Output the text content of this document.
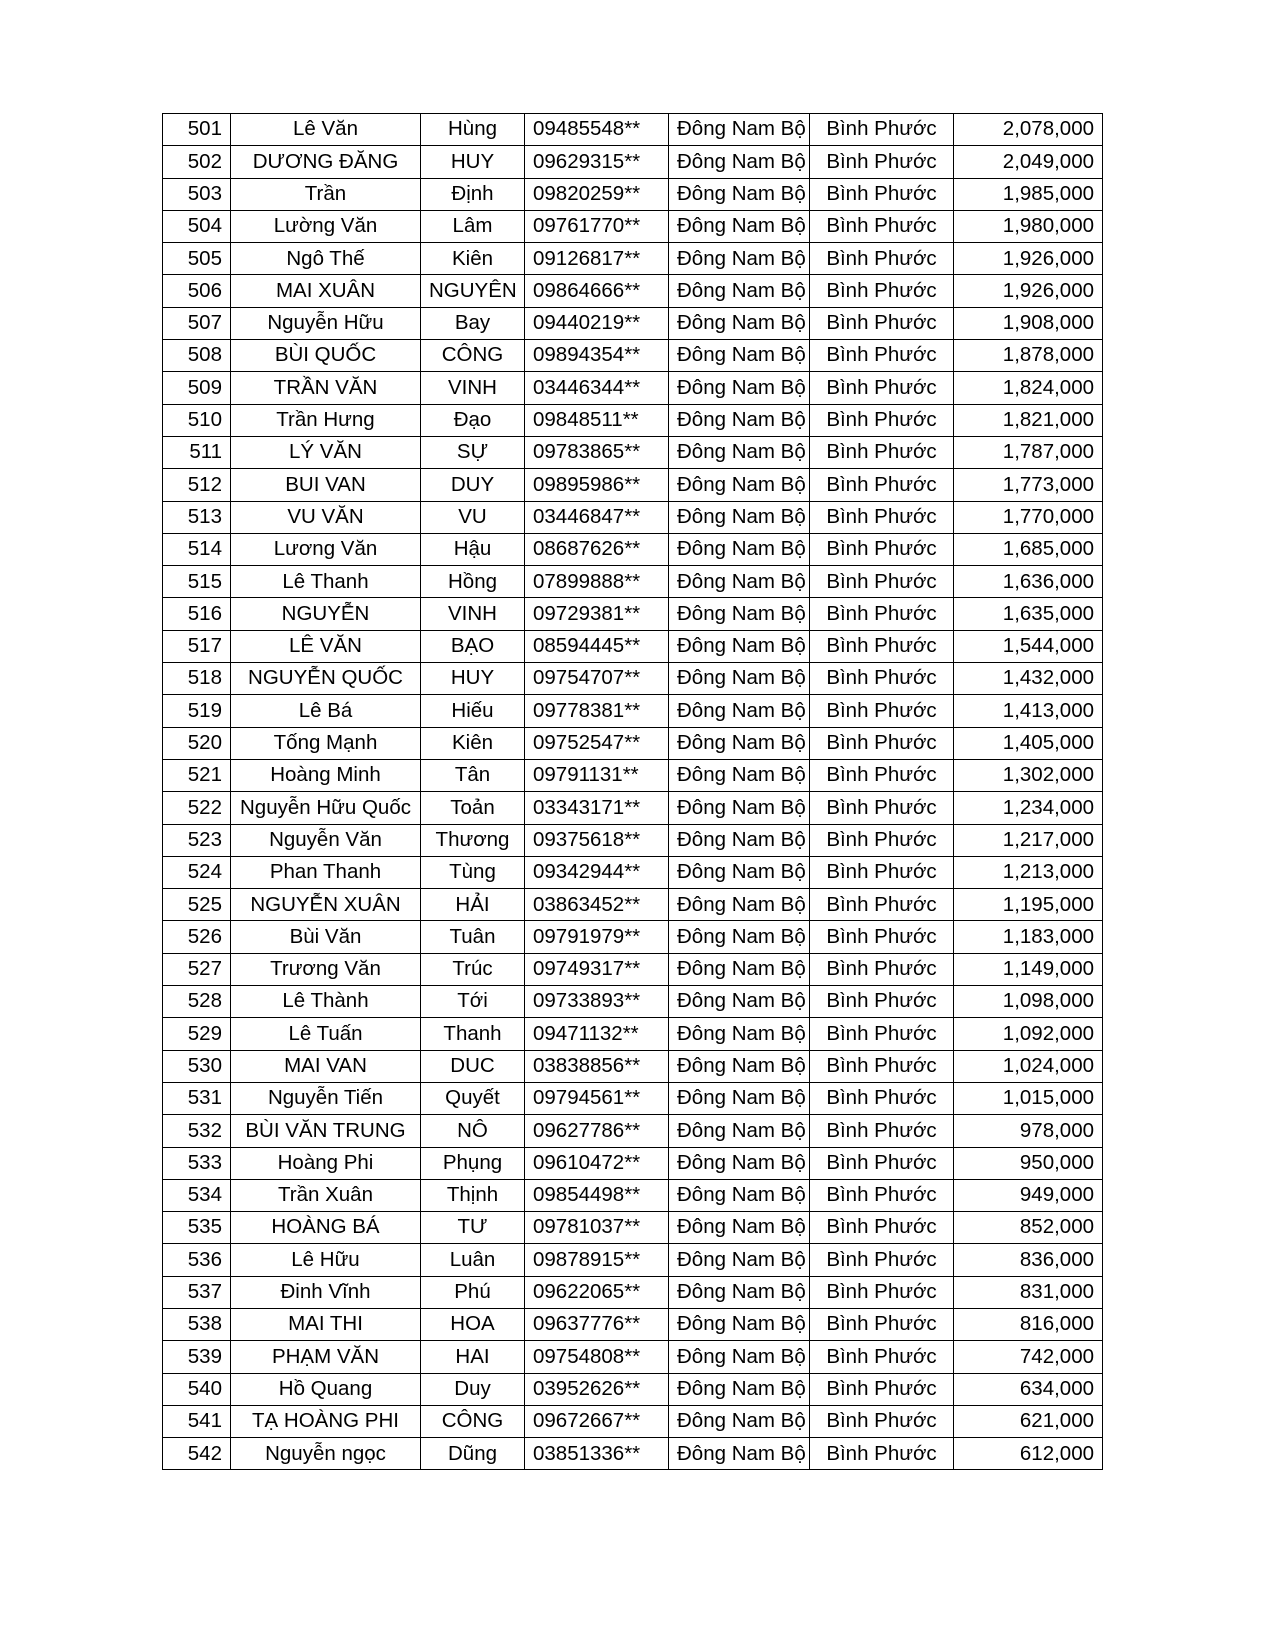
501	Lê Văn	Hùng	09485548**	Đông Nam Bộ	Bình Phước	2,078,000
502	DƯƠNG ĐĂNG	HUY	09629315**	Đông Nam Bộ	Bình Phước	2,049,000
503	Trần	Định	09820259**	Đông Nam Bộ	Bình Phước	1,985,000
504	Lường Văn	Lâm	09761770**	Đông Nam Bộ	Bình Phước	1,980,000
505	Ngô Thế	Kiên	09126817**	Đông Nam Bộ	Bình Phước	1,926,000
506	MAI XUÂN	NGUYÊN	09864666**	Đông Nam Bộ	Bình Phước	1,926,000
507	Nguyễn Hữu	Bay	09440219**	Đông Nam Bộ	Bình Phước	1,908,000
508	BÙI QUỐC	CÔNG	09894354**	Đông Nam Bộ	Bình Phước	1,878,000
509	TRẦN VĂN	VINH	03446344**	Đông Nam Bộ	Bình Phước	1,824,000
510	Trần Hưng	Đạo	09848511**	Đông Nam Bộ	Bình Phước	1,821,000
511	LÝ VĂN	SỰ	09783865**	Đông Nam Bộ	Bình Phước	1,787,000
512	BUI VAN	DUY	09895986**	Đông Nam Bộ	Bình Phước	1,773,000
513	VU VĂN	VU	03446847**	Đông Nam Bộ	Bình Phước	1,770,000
514	Lương Văn	Hậu	08687626**	Đông Nam Bộ	Bình Phước	1,685,000
515	Lê Thanh	Hồng	07899888**	Đông Nam Bộ	Bình Phước	1,636,000
516	NGUYỄN	VINH	09729381**	Đông Nam Bộ	Bình Phước	1,635,000
517	LÊ VĂN	BẠO	08594445**	Đông Nam Bộ	Bình Phước	1,544,000
518	NGUYỄN QUỐC	HUY	09754707**	Đông Nam Bộ	Bình Phước	1,432,000
519	Lê Bá	Hiếu	09778381**	Đông Nam Bộ	Bình Phước	1,413,000
520	Tống Mạnh	Kiên	09752547**	Đông Nam Bộ	Bình Phước	1,405,000
521	Hoàng Minh	Tân	09791131**	Đông Nam Bộ	Bình Phước	1,302,000
522	Nguyễn Hữu Quốc	Toản	03343171**	Đông Nam Bộ	Bình Phước	1,234,000
523	Nguyễn Văn	Thương	09375618**	Đông Nam Bộ	Bình Phước	1,217,000
524	Phan Thanh	Tùng	09342944**	Đông Nam Bộ	Bình Phước	1,213,000
525	NGUYỄN XUÂN	HẢI	03863452**	Đông Nam Bộ	Bình Phước	1,195,000
526	Bùi Văn	Tuân	09791979**	Đông Nam Bộ	Bình Phước	1,183,000
527	Trương Văn	Trúc	09749317**	Đông Nam Bộ	Bình Phước	1,149,000
528	Lê Thành	Tới	09733893**	Đông Nam Bộ	Bình Phước	1,098,000
529	Lê Tuấn	Thanh	09471132**	Đông Nam Bộ	Bình Phước	1,092,000
530	MAI VAN	DUC	03838856**	Đông Nam Bộ	Bình Phước	1,024,000
531	Nguyễn Tiến	Quyết	09794561**	Đông Nam Bộ	Bình Phước	1,015,000
532	BÙI VĂN TRUNG	NÔ	09627786**	Đông Nam Bộ	Bình Phước	978,000
533	Hoàng Phi	Phụng	09610472**	Đông Nam Bộ	Bình Phước	950,000
534	Trần Xuân	Thịnh	09854498**	Đông Nam Bộ	Bình Phước	949,000
535	HOÀNG BÁ	TƯ	09781037**	Đông Nam Bộ	Bình Phước	852,000
536	Lê Hữu	Luân	09878915**	Đông Nam Bộ	Bình Phước	836,000
537	Đinh Vĩnh	Phú	09622065**	Đông Nam Bộ	Bình Phước	831,000
538	MAI THI	HOA	09637776**	Đông Nam Bộ	Bình Phước	816,000
539	PHẠM VĂN	HAI	09754808**	Đông Nam Bộ	Bình Phước	742,000
540	Hồ Quang	Duy	03952626**	Đông Nam Bộ	Bình Phước	634,000
541	TẠ HOÀNG PHI	CÔNG	09672667**	Đông Nam Bộ	Bình Phước	621,000
542	Nguyễn ngọc	Dũng	03851336**	Đông Nam Bộ	Bình Phước	612,000
